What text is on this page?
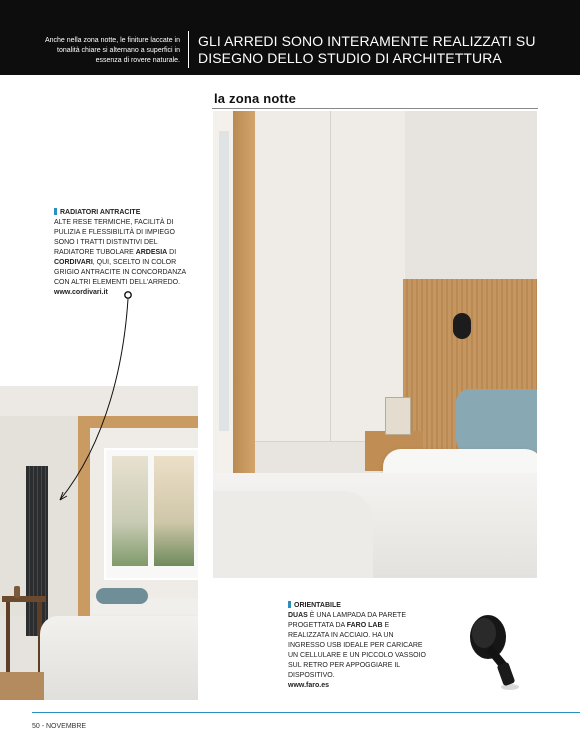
Anche nella zona notte, le finiture laccate in tonalità chiare si alternano a superfici in essenza di rovere naturale.
GLI ARREDI SONO INTERAMENTE REALIZZATI SU
DISEGNO DELLO STUDIO DI ARCHITETTURA
la zona notte
RADIATORI ANTRACITE
ALTE RESE TERMICHE, FACILITÀ DI PULIZIA E FLESSIBILITÀ DI IMPIEGO SONO I TRATTI DISTINTIVI DEL RADIATORE TUBOLARE ARDESIA DI CORDIVARI, QUI, SCELTO IN COLOR GRIGIO ANTRACITE IN CONCORDANZA CON ALTRI ELEMENTI DELL'ARREDO.
www.cordivari.it
ORIENTABILE
DUAS È UNA LAMPADA DA PARETE PROGETTATA DA FARO LAB E REALIZZATA IN ACCIAIO. HA UN INGRESSO USB IDEALE PER CARICARE UN CELLULARE E UN PICCOLO VASSOIO SUL RETRO PER APPOGGIARE IL DISPOSITIVO.
www.faro.es
50 - NOVEMBRE
